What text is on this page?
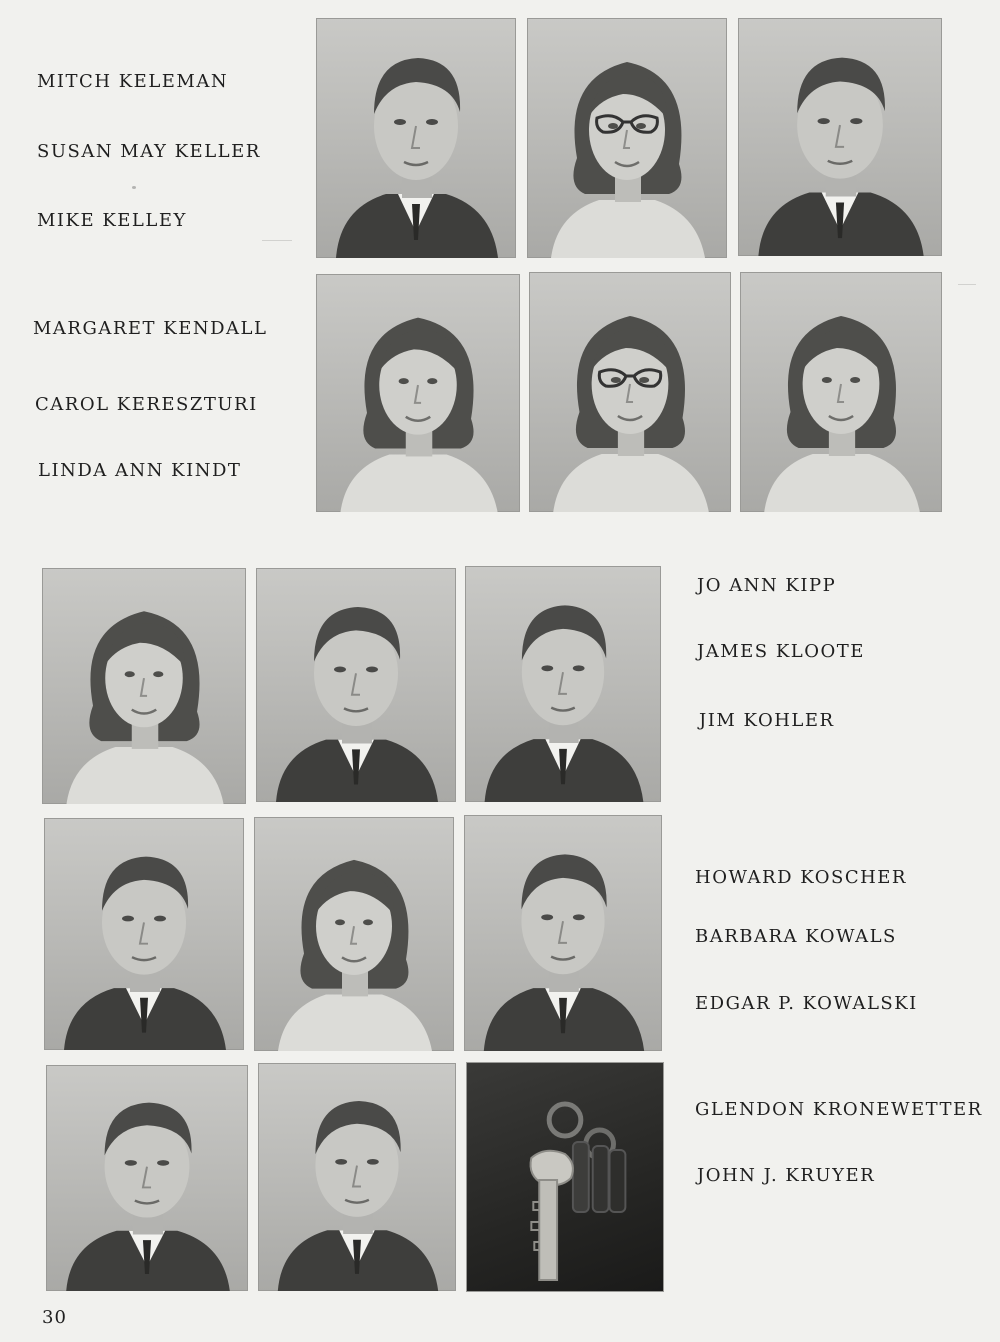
MITCH KELEMAN
SUSAN MAY KELLER
MIKE KELLEY
MARGARET KENDALL
CAROL KERESZTURI
LINDA ANN KINDT
JO ANN KIPP
JAMES KLOOTE
JIM KOHLER
HOWARD KOSCHER
BARBARA KOWALS
EDGAR P. KOWALSKI
GLENDON KRONEWETTER
JOHN J. KRUYER
30
